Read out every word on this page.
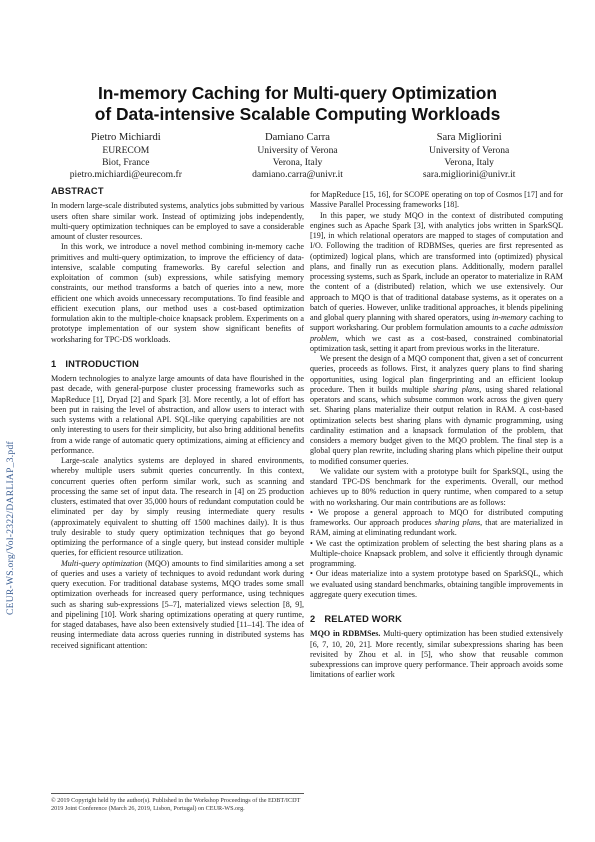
CEUR-WS.org/Vol-2322/DARLIAP_3.pdf
In-memory Caching for Multi-query Optimization
of Data-intensive Scalable Computing Workloads
Pietro Michiardi
EURECOM
Biot, France
pietro.michiardi@eurecom.fr
Damiano Carra
University of Verona
Verona, Italy
damiano.carra@univr.it
Sara Migliorini
University of Verona
Verona, Italy
sara.migliorini@univr.it
ABSTRACT

In modern large-scale distributed systems, analytics jobs submitted by various users often share similar work. Instead of optimizing jobs independently, multi-query optimization techniques can be employed to save a considerable amount of cluster resources.

In this work, we introduce a novel method combining in-memory cache primitives and multi-query optimization, to improve the efficiency of data-intensive, scalable computing frameworks. By careful selection and exploitation of common (sub) expressions, while satisfying memory constraints, our method transforms a batch of queries into a new, more efficient one which avoids unnecessary recomputations. To find feasible and efficient execution plans, our method uses a cost-based optimization formulation akin to the multiple-choice knapsack problem. Experiments on a prototype implementation of our system show significant benefits of worksharing for TPC-DS workloads.

1 INTRODUCTION

Modern technologies to analyze large amounts of data have flourished in the past decade, with general-purpose cluster processing frameworks such as MapReduce [1], Dryad [2] and Spark [3]. More recently, a lot of effort has been put in raising the level of abstraction, and allow users to interact with such systems with a relational API. SQL-like querying capabilities are not only interesting to users for their simplicity, but also bring additional benefits from a wide range of automatic query optimizations, aiming at efficiency and performance.

Large-scale analytics systems are deployed in shared environments, whereby multiple users submit queries concurrently. In this context, concurrent queries often perform similar work, such as scanning and processing the same set of input data. The research in [4] on 25 production clusters, estimated that over 35,000 hours of redundant computation could be eliminated per day by simply reusing intermediate query results (approximately equivalent to shutting off 1500 machines daily). It is thus truly desirable to study query optimization techniques that go beyond optimizing the performance of a single query, but instead consider multiple queries, for efficient resource utilization.

Multi-query optimization (MQO) amounts to find similarities among a set of queries and uses a variety of techniques to avoid redundant work during query execution. For traditional database systems, MQO trades some small optimization overheads for increased query performance, using techniques such as sharing sub-expressions [5–7], materialized views selection [8, 9], and pipelining [10]. Work sharing optimizations operating at query runtime, for staged databases, have also been extensively studied [11–14]. The idea of reusing intermediate data across queries running in distributed systems has received significant attention:

© 2019 Copyright held by the author(s). Published in the Workshop Proceedings of the EDBT/ICDT 2019 Joint Conference (March 26, 2019, Lisbon, Portugal) on CEUR-WS.org.

for MapReduce [15, 16], for SCOPE operating on top of Cosmos [17] and for Massive Parallel Processing frameworks [18].

In this paper, we study MQO in the context of distributed computing engines such as Apache Spark [3], with analytics jobs written in SparkSQL [19], in which relational operators are mapped to stages of computation and I/O. Following the tradition of RDBMSes, queries are first represented as (optimized) logical plans, which are transformed into (optimized) physical plans, and finally run as execution plans. Additionally, modern parallel processing systems, such as Spark, include an operator to materialize in RAM the content of a (distributed) relation, which we use extensively. Our approach to MQO is that of traditional database systems, as it operates on a batch of queries. However, unlike traditional approaches, it blends pipelining and global query planning with shared operators, using in-memory caching to support worksharing. Our problem formulation amounts to a cache admission problem, which we cast as a cost-based, constrained combinatorial optimization task, setting it apart from previous works in the literature.

We present the design of a MQO component that, given a set of concurrent queries, proceeds as follows. First, it analyzes query plans to find sharing opportunities, using logical plan fingerprinting and an efficient lookup procedure. Then it builds multiple sharing plans, using shared relational operators and scans, which subsume common work across the given query set. Sharing plans materialize their output relation in RAM. A cost-based optimization selects best sharing plans with dynamic programming, using cardinality estimation and a knapsack formulation of the problem, that considers a memory budget given to the MQO problem. The final step is a global query plan rewrite, including sharing plans which pipeline their output to modified consumer queries.

We validate our system with a prototype built for SparkSQL, using the standard TPC-DS benchmark for the experiments. Overall, our method achieves up to 80% reduction in query runtime, when compared to a setup with no worksharing. Our main contributions are as follows:

• We propose a general approach to MQO for distributed computing frameworks. Our approach produces sharing plans, that are materialized in RAM, aiming at eliminating redundant work.

• We cast the optimization problem of selecting the best sharing plans as a Multiple-choice Knapsack problem, and solve it efficiently through dynamic programming.

• Our ideas materialize into a system prototype based on SparkSQL, which we evaluated using standard benchmarks, obtaining tangible improvements in aggregate query execution times.

2 RELATED WORK

MQO in RDBMSes. Multi-query optimization has been studied extensively [6, 7, 10, 20, 21]. More recently, similar subexpressions sharing has been revisited by Zhou et al. in [5], who show that reusable common subexpressions can improve query performance. Their approach avoids some limitations of earlier work
